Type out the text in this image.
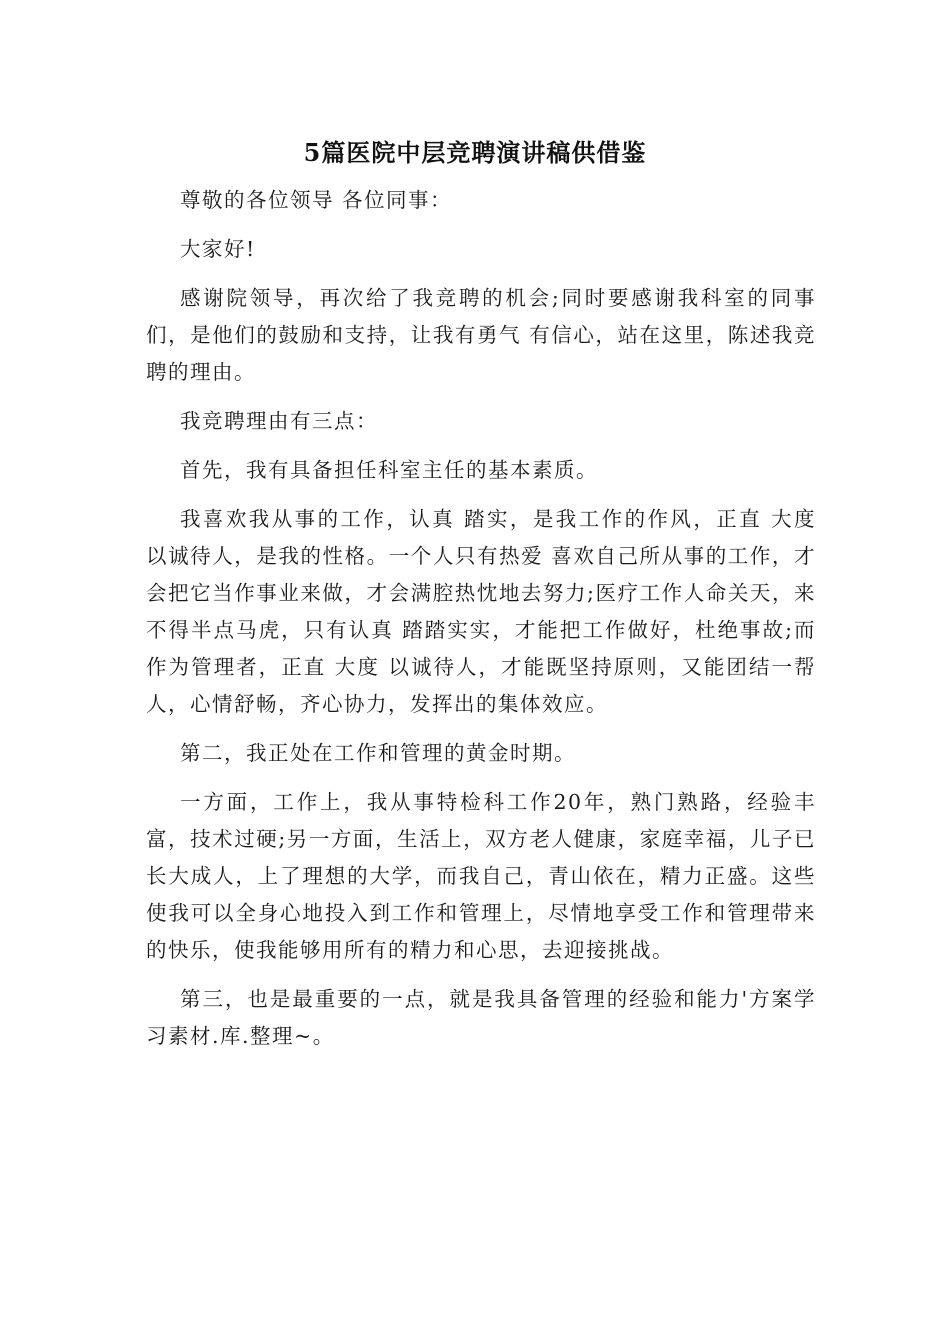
5篇医院中层竞聘演讲稿供借鉴

尊敬的各位领导 各位同事：

大家好!

感谢院领导，再次给了我竞聘的机会;同时要感谢我科室的同事们，是他们的鼓励和支持，让我有勇气 有信心，站在这里，陈述我竞聘的理由。

我竞聘理由有三点：

首先，我有具备担任科室主任的基本素质。

我喜欢我从事的工作，认真 踏实，是我工作的作风，正直 大度 以诚待人，是我的性格。一个人只有热爱 喜欢自己所从事的工作，才会把它当作事业来做，才会满腔热忱地去努力;医疗工作人命关天，来不得半点马虎，只有认真 踏踏实实，才能把工作做好，杜绝事故;而作为管理者，正直 大度 以诚待人，才能既坚持原则，又能团结一帮人，心情舒畅，齐心协力，发挥出的集体效应。

第二，我正处在工作和管理的黄金时期。

一方面，工作上，我从事特检科工作20年，熟门熟路，经验丰富，技术过硬;另一方面，生活上，双方老人健康，家庭幸福，儿子已长大成人，上了理想的大学，而我自己，青山依在，精力正盛。这些使我可以全身心地投入到工作和管理上，尽情地享受工作和管理带来的快乐，使我能够用所有的精力和心思，去迎接挑战。

第三，也是最重要的一点，就是我具备管理的经验和能力'方案学习素材.库.整理~。
